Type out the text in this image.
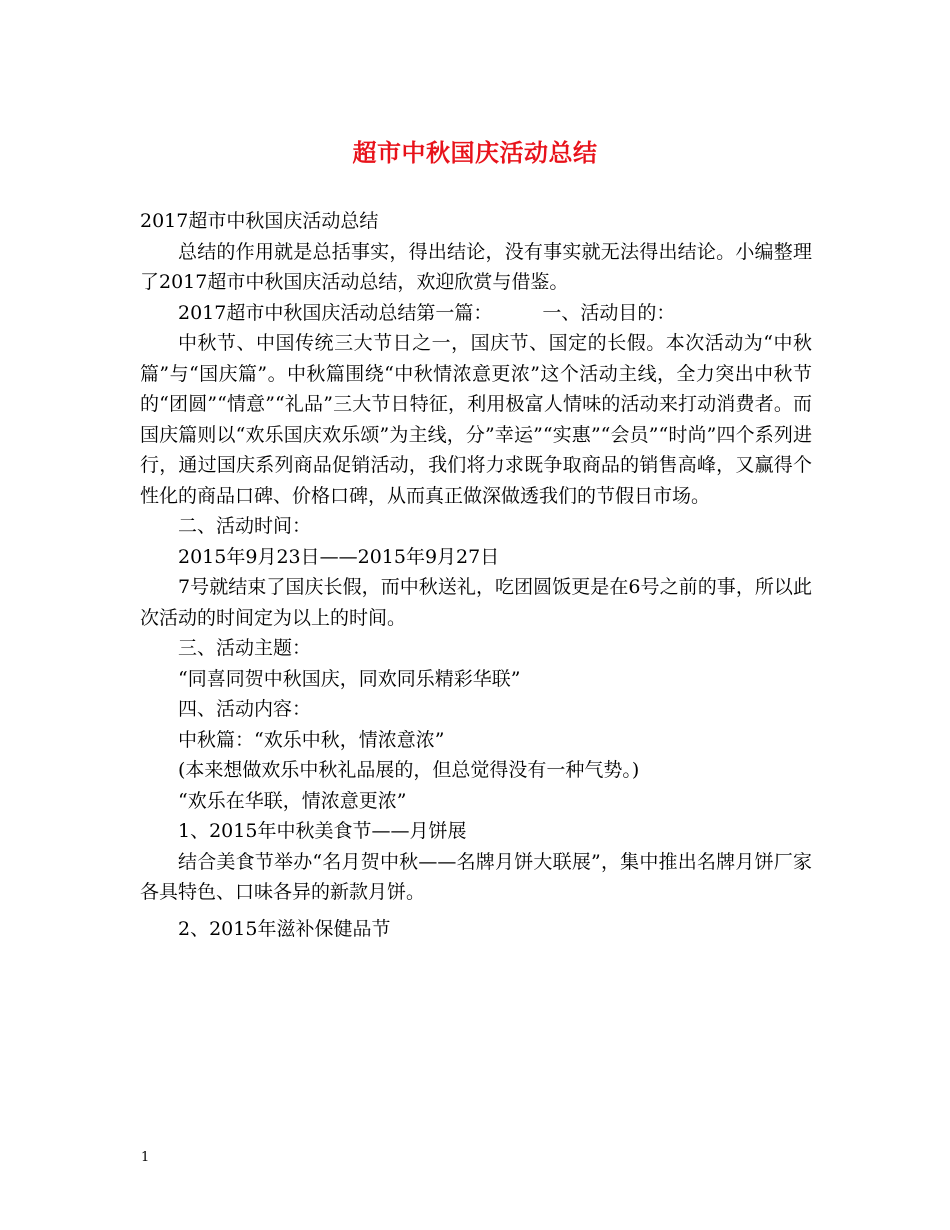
超市中秋国庆活动总结

2017超市中秋国庆活动总结

总结的作用就是总括事实，得出结论，没有事实就无法得出结论。小编整理了2017超市中秋国庆活动总结，欢迎欣赏与借鉴。

2017超市中秋国庆活动总结第一篇：	一、活动目的：

中秋节、中国传统三大节日之一，国庆节、国定的长假。本次活动为“中秋篇”与“国庆篇”。中秋篇围绕“中秋情浓意更浓”这个活动主线，全力突出中秋节的“团圆”“情意”“礼品”三大节日特征，利用极富人情味的活动来打动消费者。而国庆篇则以“欢乐国庆欢乐颂”为主线，分”幸运”“实惠”“会员”“时尚”四个系列进行，通过国庆系列商品促销活动，我们将力求既争取商品的销售高峰，又赢得个性化的商品口碑、价格口碑，从而真正做深做透我们的节假日市场。

二、活动时间：

2015年9月23日——2015年9月27日

7号就结束了国庆长假，而中秋送礼，吃团圆饭更是在6号之前的事，所以此次活动的时间定为以上的时间。

三、活动主题：

“同喜同贺中秋国庆，同欢同乐精彩华联”

四、活动内容：

中秋篇：“欢乐中秋，情浓意浓”

(本来想做欢乐中秋礼品展的，但总觉得没有一种气势。)

“欢乐在华联，情浓意更浓”

1、2015年中秋美食节——月饼展

结合美食节举办“名月贺中秋——名牌月饼大联展”，集中推出名牌月饼厂家各具特色、口味各异的新款月饼。

2、2015年滋补保健品节

1
